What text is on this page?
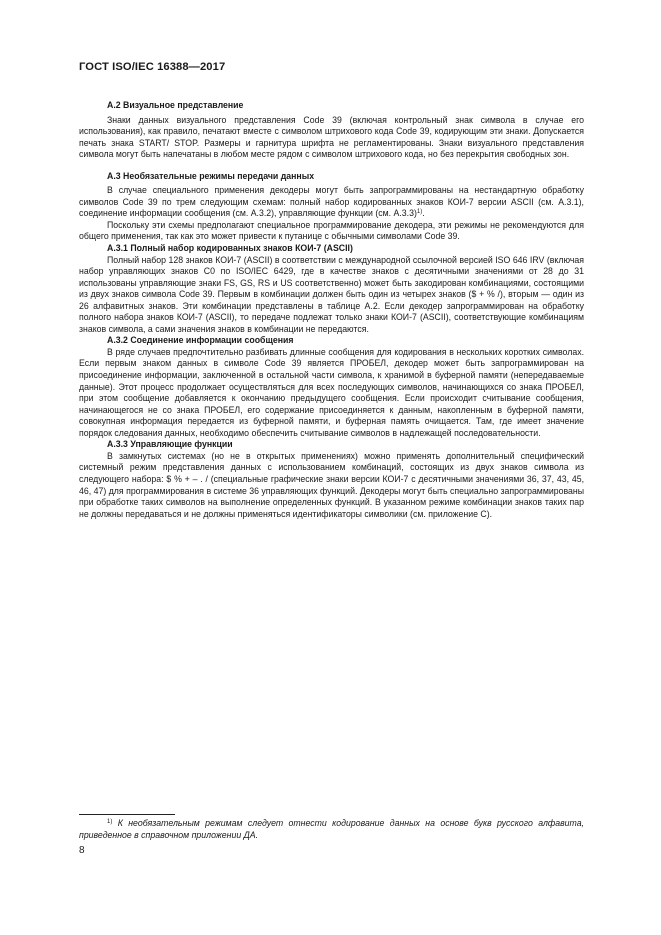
ГОСТ ISO/IEC 16388—2017

А.2 Визуальное представление

Знаки данных визуального представления Code 39 (включая контрольный знак символа в случае его использования), как правило, печатают вместе с символом штрихового кода Code 39, кодирующим эти знаки. Допускается печать знака START/ STOP. Размеры и гарнитура шрифта не регламентированы. Знаки визуального представления символа могут быть напечатаны в любом месте рядом с символом штрихового кода, но без перекрытия свободных зон.

А.3 Необязательные режимы передачи данных

В случае специального применения декодеры могут быть запрограммированы на нестандартную обработку символов Code 39 по трем следующим схемам: полный набор кодированных знаков КОИ-7 версии ASCII (см. А.3.1), соединение информации сообщения (см. А.3.2), управляющие функции (см. А.3.3)$^{1)}$.

Поскольку эти схемы предполагают специальное программирование декодера, эти режимы не рекомендуются для общего применения, так как это может привести к путанице с обычными символами Code 39.

А.3.1 Полный набор кодированных знаков КОИ-7 (ASCII)

Полный набор 128 знаков КОИ-7 (ASCII) в соответствии с международной ссылочной версией ISO 646 IRV (включая набор управляющих знаков С0 по ISO/IEC 6429, где в качестве знаков с десятичными значениями от 28 до 31 использованы управляющие знаки FS, GS, RS и US соответственно) может быть закодирован комбинациями, состоящими из двух знаков символа Code 39. Первым в комбинации должен быть один из четырех знаков ($ + % /), вторым — один из 26 алфавитных знаков. Эти комбинации представлены в таблице А.2. Если декодер запрограммирован на обработку полного набора знаков КОИ-7 (ASCII), то передаче подлежат только знаки КОИ-7 (ASCII), соответствующие комбинациям знаков символа, а сами значения знаков в комбинации не передаются.

А.3.2 Соединение информации сообщения

В ряде случаев предпочтительно разбивать длинные сообщения для кодирования в нескольких коротких символах. Если первым знаком данных в символе Code 39 является ПРОБЕЛ, декодер может быть запрограммирован на присоединение информации, заключенной в остальной части символа, к хранимой в буферной памяти (непередаваемые данные). Этот процесс продолжает осуществляться для всех последующих символов, начинающихся со знака ПРОБЕЛ, при этом сообщение добавляется к окончанию предыдущего сообщения. Если происходит считывание сообщения, начинающегося не со знака ПРОБЕЛ, его содержание присоединяется к данным, накопленным в буферной памяти, совокупная информация передается из буферной памяти, и буферная память очищается. Там, где имеет значение порядок следования данных, необходимо обеспечить считывание символов в надлежащей последовательности.

А.3.3 Управляющие функции

В замкнутых системах (но не в открытых применениях) можно применять дополнительный специфический системный режим представления данных с использованием комбинаций, состоящих из двух знаков символа из следующего набора: $ % + – . / (специальные графические знаки версии КОИ-7 с десятичными значениями 36, 37, 43, 45, 46, 47) для программирования в системе 36 управляющих функций. Декодеры могут быть специально запрограммированы при обработке таких символов на выполнение определенных функций. В указанном режиме комбинации знаков таких пар не должны передаваться и не должны применяться идентификаторы символики (см. приложение С).

$^{1)}$ К необязательным режимам следует отнести кодирование данных на основе букв русского алфавита, приведенное в справочном приложении ДА.
8
